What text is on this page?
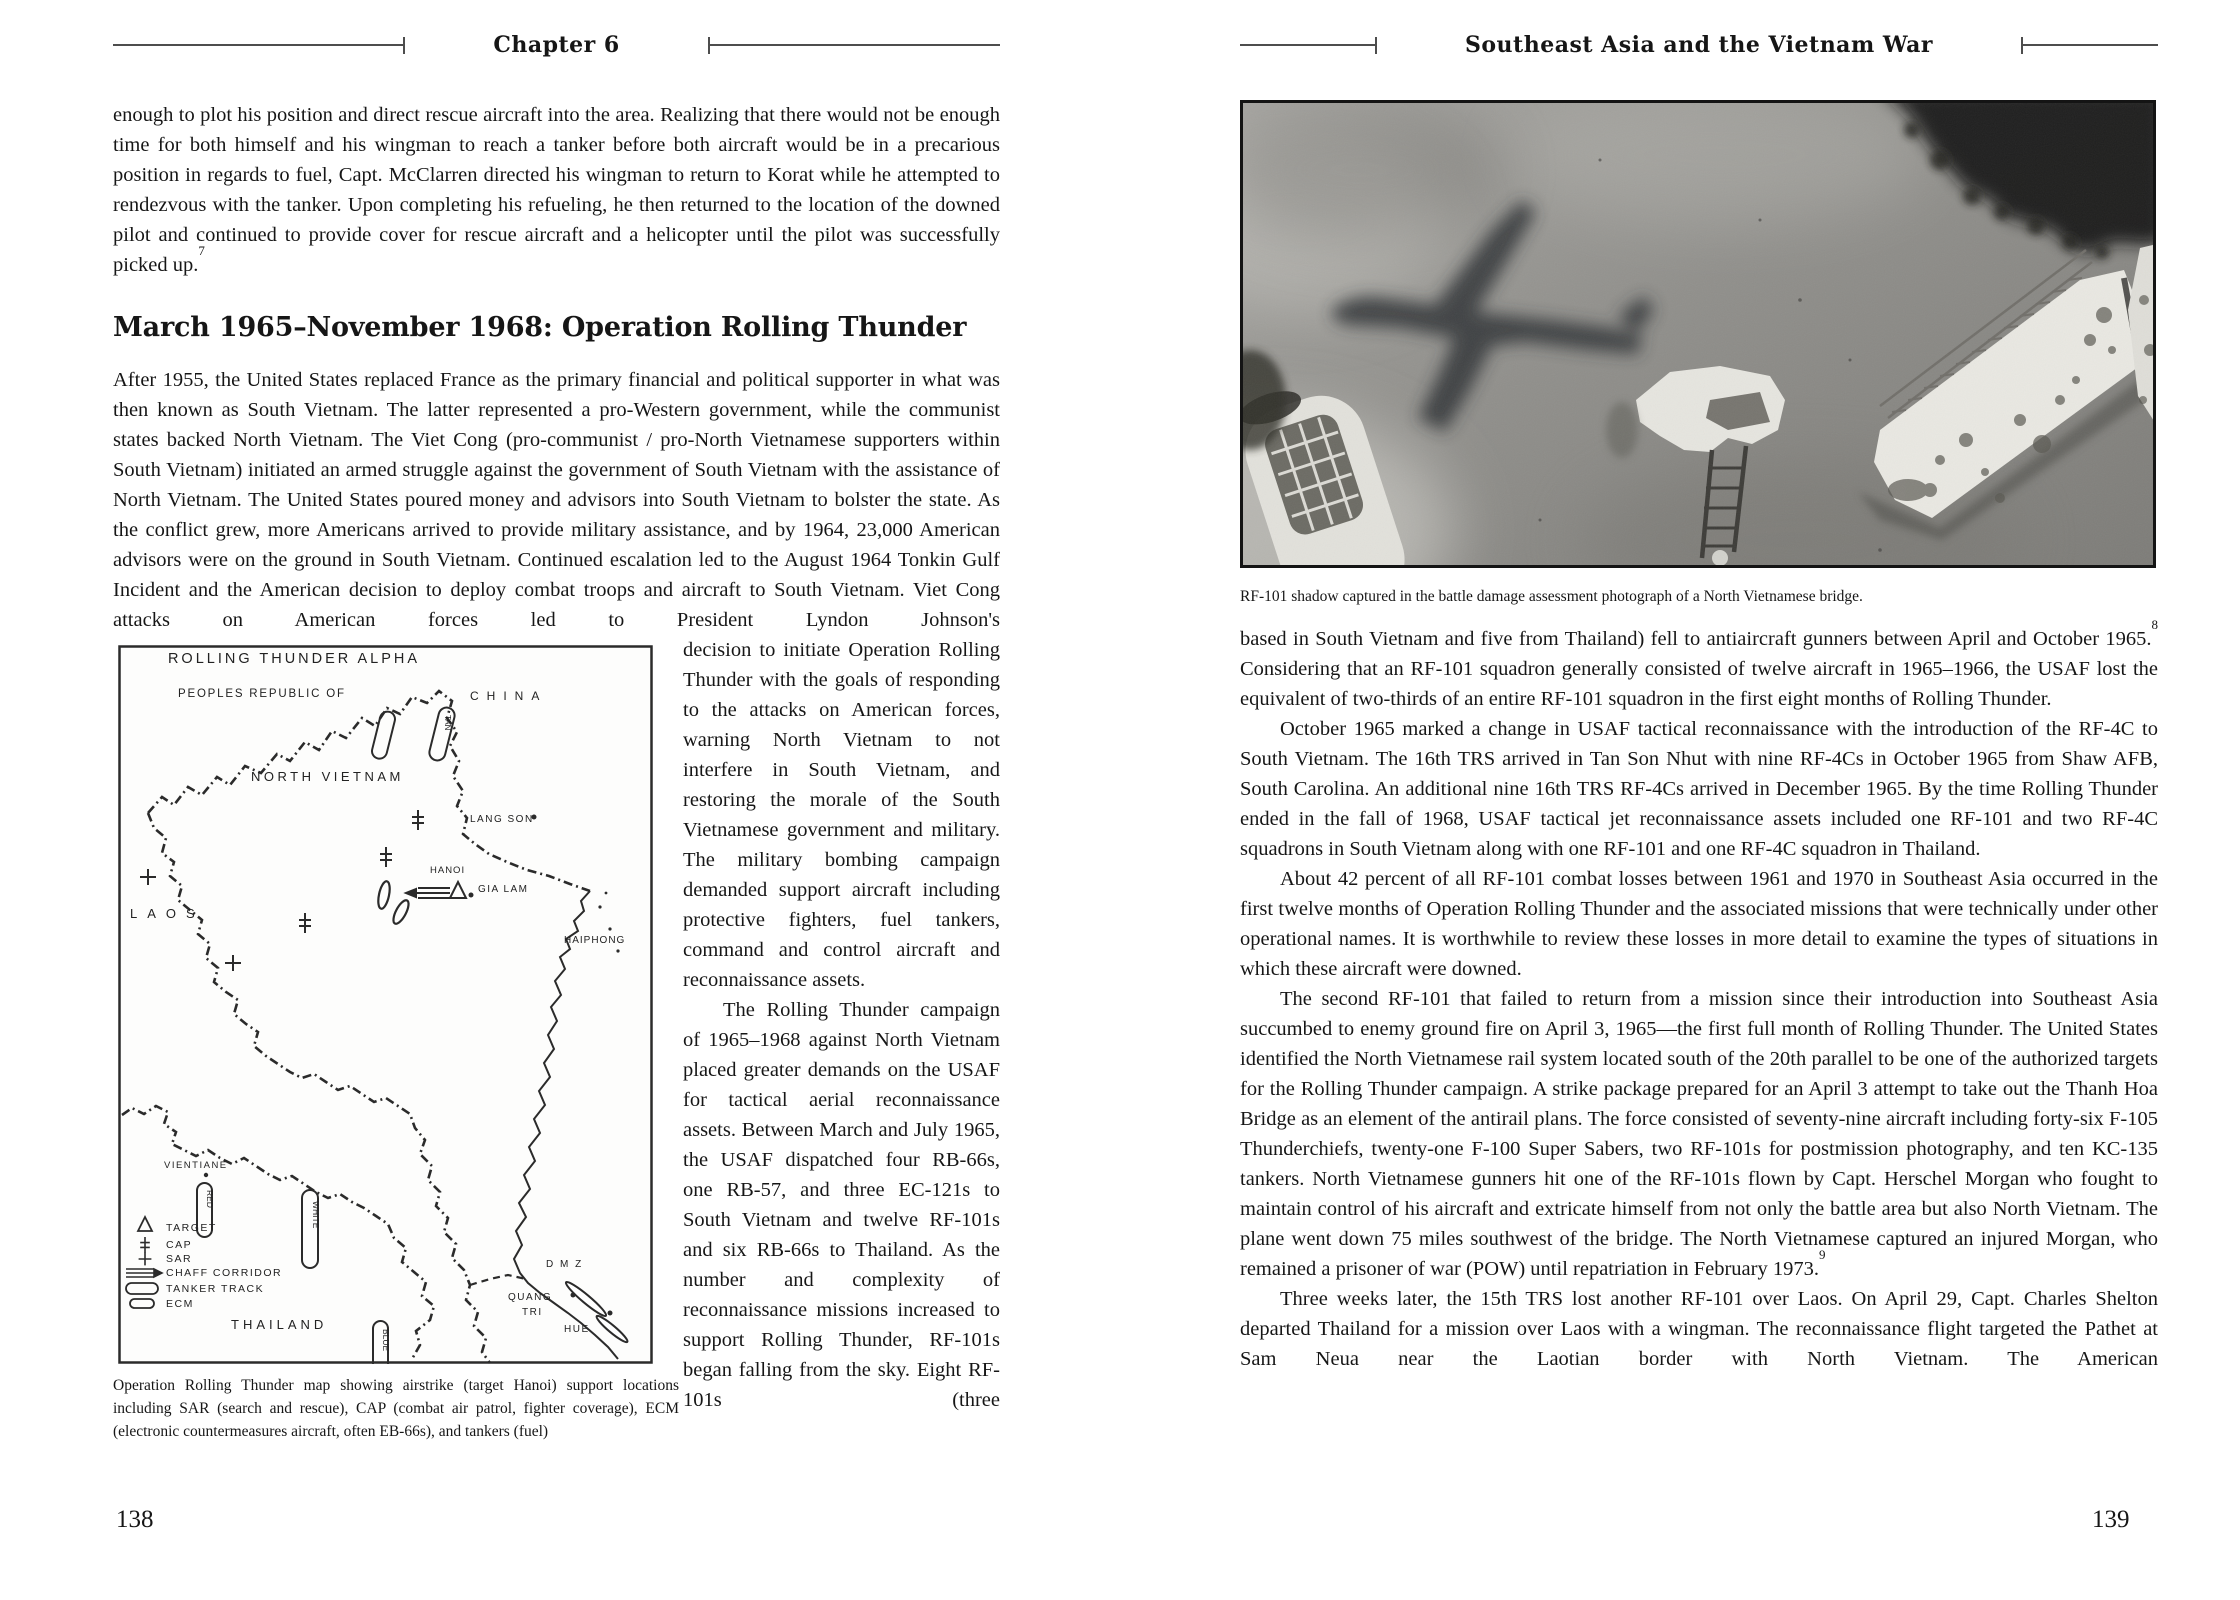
Chapter 6

enough to plot his position and direct rescue aircraft into the area. Realizing that there would not be enough time for both himself and his wingman to reach a tanker before both aircraft would be in a precarious position in regards to fuel, Capt. McClarren directed his wingman to return to Korat while he attempted to rendezvous with the tanker. Upon completing his refueling, he then returned to the location of the downed pilot and continued to provide cover for rescue aircraft and a helicopter until the pilot was successfully picked up.$^7$

March 1965–November 1968: Operation Rolling Thunder

After 1955, the United States replaced France as the primary financial and political supporter in what was then known as South Vietnam. The latter represented a pro-Western government, while the communist states backed North Vietnam. The Viet Cong (pro-communist / pro-North Vietnamese supporters within South Vietnam) initiated an armed struggle against the government of South Vietnam with the assistance of North Vietnam. The United States poured money and advisors into South Vietnam to bolster the state. As the conflict grew, more Americans arrived to provide military assistance, and by 1964, 23,000 American advisors were on the ground in South Vietnam. Continued escalation led to the August 1964 Tonkin Gulf Incident and the American decision to deploy combat troops and aircraft to South Vietnam. Viet Cong attacks on American forces led to President Lyndon Johnson's

TAN
RED
WHITE
BLUE
ROLLING THUNDER ALPHA
PEOPLES REPUBLIC OF	CHINA
NORTH VIETNAM
LAOS
LANG SON
HANOI
GIA LAM
HAIPHONG
VIENTIANE
THAILAND
D M Z
QUANG
TRI
HUE
TARGET
CAP
SAR
CHAFF CORRIDOR
TANKER TRACK
ECM
Operation Rolling Thunder map showing airstrike (target Hanoi) support locations including SAR (search and rescue), CAP (combat air patrol, fighter coverage), ECM (electronic countermeasures aircraft, often EB-66s), and tankers (fuel)

decision to initiate Operation Rolling Thunder with the goals of responding to the attacks on American forces, warning North Vietnam to not interfere in South Vietnam, and restoring the morale of the South Vietnamese government and military. The military bombing campaign demanded support aircraft including protective fighters, fuel tankers, command and control aircraft and reconnaissance assets.

The Rolling Thunder campaign of 1965–1968 against North Vietnam placed greater demands on the USAF for tactical aerial reconnaissance assets. Between March and July 1965, the USAF dispatched four RB-66s, one RB-57, and three EC-121s to South Vietnam and twelve RF-101s and six RB-66s to Thailand. As the number and complexity of reconnaissance missions increased to support Rolling Thunder, RF-101s began falling from the sky. Eight RF-101s (three

Southeast Asia and the Vietnam War
RF-101 shadow captured in the battle damage assessment photograph of a North Vietnamese bridge.

based in South Vietnam and five from Thailand) fell to antiaircraft gunners between April and October 1965.$^8$ Considering that an RF-101 squadron generally consisted of twelve aircraft in 1965–1966, the USAF lost the equivalent of two-thirds of an entire RF-101 squadron in the first eight months of Rolling Thunder.

October 1965 marked a change in USAF tactical reconnaissance with the introduction of the RF-4C to South Vietnam. The 16th TRS arrived in Tan Son Nhut with nine RF-4Cs in October 1965 from Shaw AFB, South Carolina. An additional nine 16th TRS RF-4Cs arrived in December 1965. By the time Rolling Thunder ended in the fall of 1968, USAF tactical jet reconnaissance assets included one RF-101 and two RF-4C squadrons in South Vietnam along with one RF-101 and one RF-4C squadron in Thailand.

About 42 percent of all RF-101 combat losses between 1961 and 1970 in Southeast Asia occurred in the first twelve months of Operation Rolling Thunder and the associated missions that were technically under other operational names. It is worthwhile to review these losses in more detail to examine the types of situations in which these aircraft were downed.

The second RF-101 that failed to return from a mission since their introduction into Southeast Asia succumbed to enemy ground fire on April 3, 1965—the first full month of Rolling Thunder. The United States identified the North Vietnamese rail system located south of the 20th parallel to be one of the authorized targets for the Rolling Thunder campaign. A strike package prepared for an April 3 attempt to take out the Thanh Hoa Bridge as an element of the antirail plans. The force consisted of seventy-nine aircraft including forty-six F-105 Thunderchiefs, twenty-one F-100 Super Sabers, two RF-101s for postmission photography, and ten KC-135 tankers. North Vietnamese gunners hit one of the RF-101s flown by Capt. Herschel Morgan who fought to maintain control of his aircraft and extricate himself from not only the battle area but also North Vietnam. The plane went down 75 miles southwest of the bridge. The North Vietnamese captured an injured Morgan, who remained a prisoner of war (POW) until repatriation in February 1973.$^9$

Three weeks later, the 15th TRS lost another RF-101 over Laos. On April 29, Capt. Charles Shelton departed Thailand for a mission over Laos with a wingman. The reconnaissance flight targeted the Pathet at Sam Neua near the Laotian border with North Vietnam. The American

138	139
